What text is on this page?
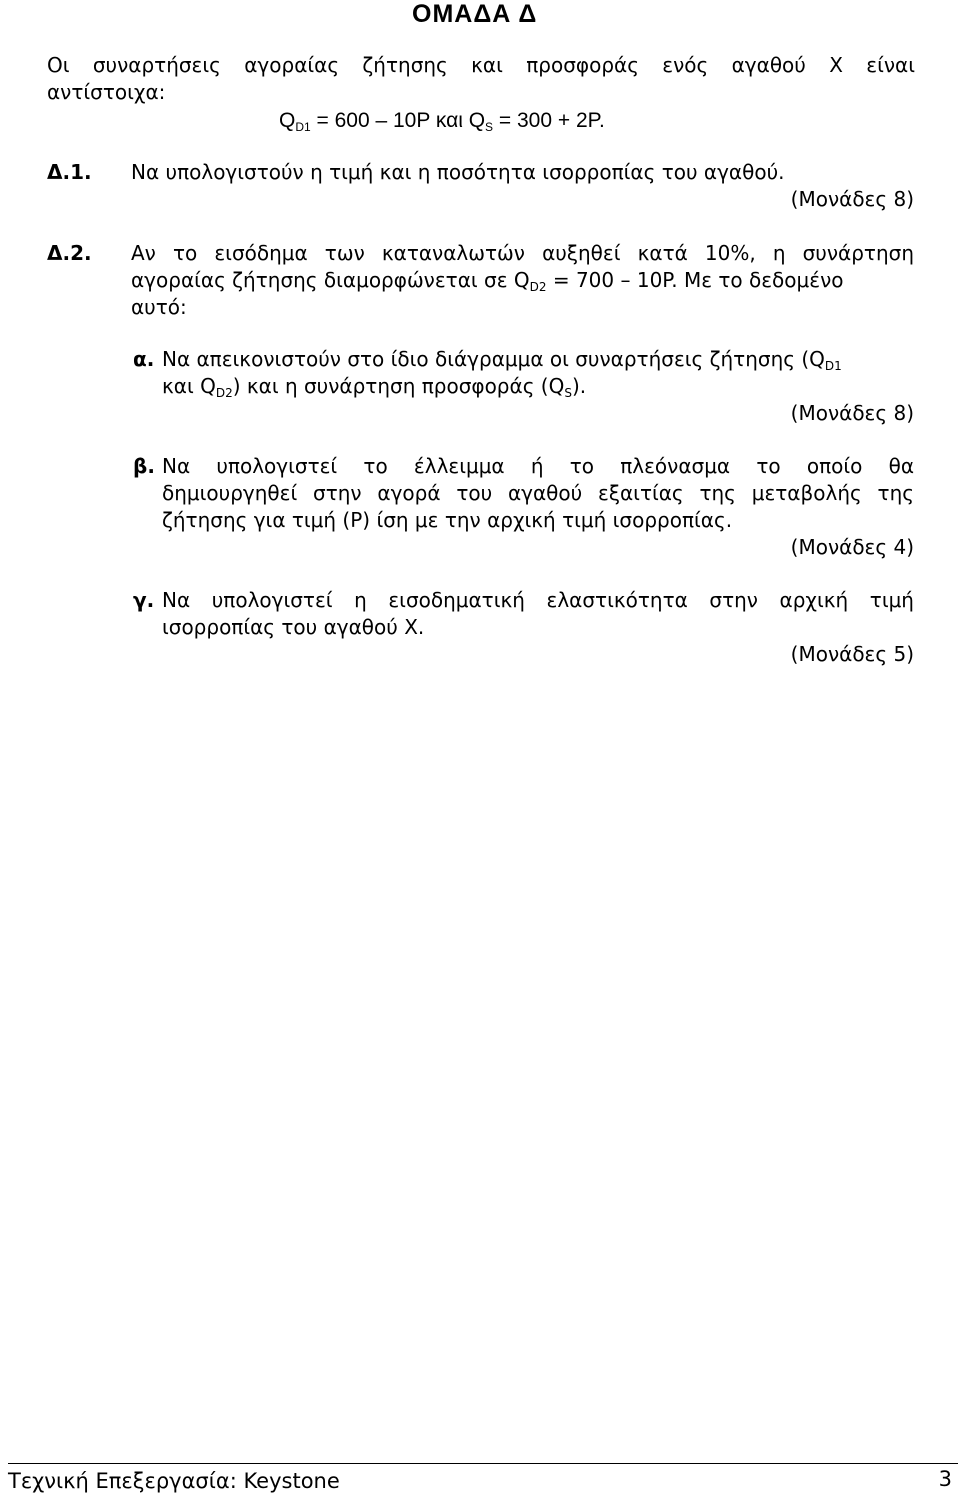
ΟΜΑΔΑ Δ
Οι συναρτήσεις αγοραίας ζήτησης και προσφοράς ενός αγαθού Χ είναι
αντίστοιχα:
$Q_{D1} = 600 - 10P$ και $Q_S = 300 + 2P$.
Δ.1. Να υπολογιστούν η τιμή και η ποσότητα ισορροπίας του αγαθού.
(Μονάδες 8)
Δ.2. Αν το εισόδημα των καταναλωτών αυξηθεί κατά 10%, η συνάρτηση
αγοραίας ζήτησης διαμορφώνεται σε $Q_{D2} = 700 - 10P$. Με το δεδομένο
αυτό:
α. Να απεικονιστούν στο ίδιο διάγραμμα οι συναρτήσεις ζήτησης ($Q_{D1}$
και $Q_{D2}$) και η συνάρτηση προσφοράς $(Q_S)$.
(Μονάδες 8)
β. Να υπολογιστεί το έλλειμμα ή το πλεόνασμα το οποίο θα
δημιουργηθεί στην αγορά του αγαθού εξαιτίας της μεταβολής της
ζήτησης για τιμή (Ρ) ίση με την αρχική τιμή ισορροπίας.
(Μονάδες 4)
γ. Να υπολογιστεί η εισοδηματική ελαστικότητα στην αρχική τιμή
ισορροπίας του αγαθού Χ.
(Μονάδες 5)
Τεχνική Επεξεργασία: Keystone	3
